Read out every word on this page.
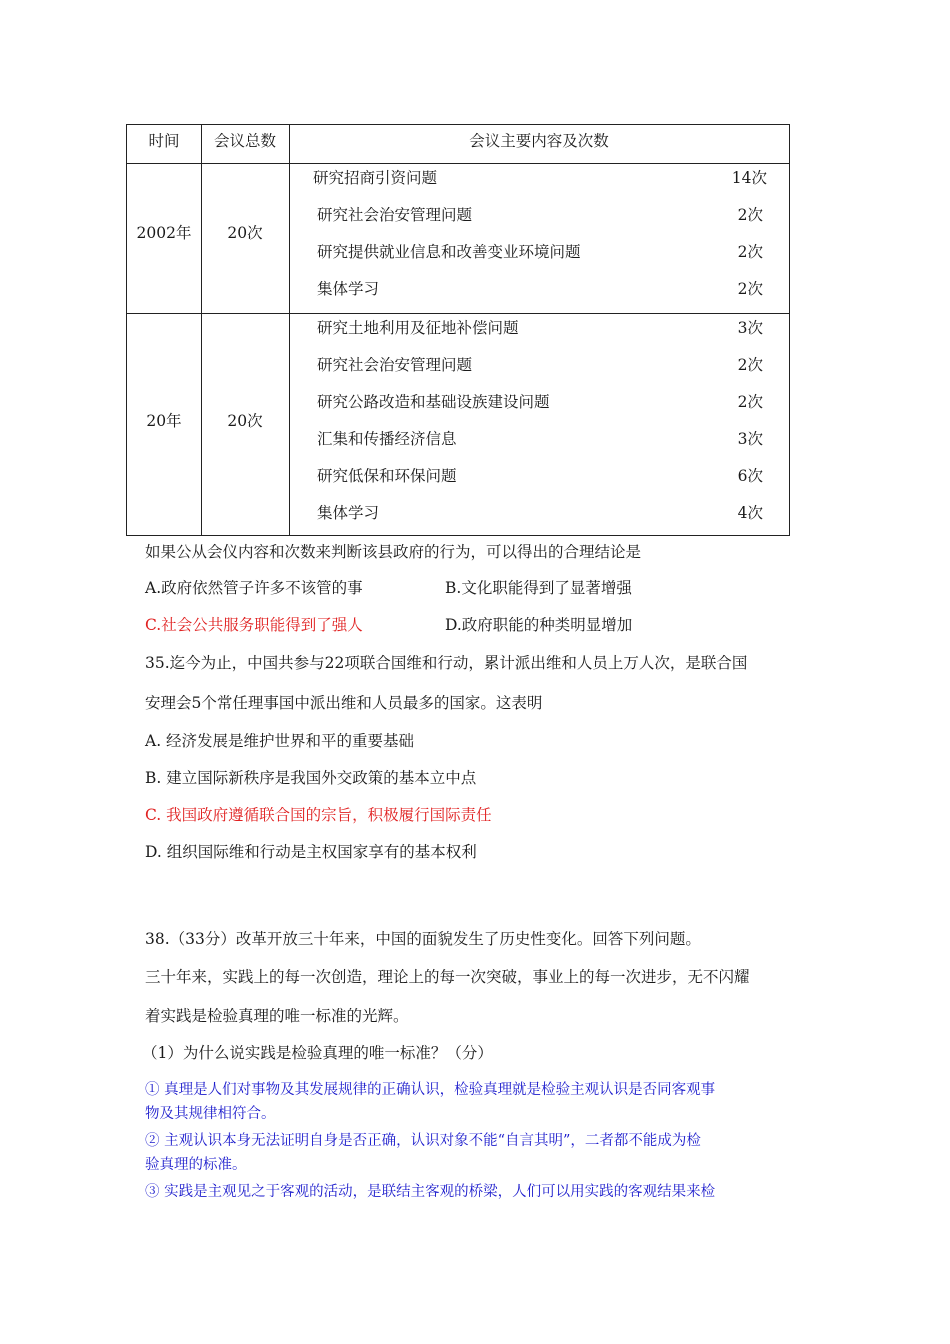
时间	会议总数	会议主要内容及次数
2002年	20次
研究招商引资问题	14次
研究社会治安管理问题	2次
研究提供就业信息和改善变业环境问题	2次
集体学习	2次
20年	20次
研究土地利用及征地补偿问题	3次
研究社会治安管理问题	2次
研究公路改造和基础设族建设问题	2次
汇集和传播经济信息	3次
研究低保和环保问题	6次
集体学习	4次
如果公从会仪内容和次数来判断该县政府的行为，可以得出的合理结论是
A.政府依然管子许多不该管的事	B.文化职能得到了显著增强
C.社会公共服务职能得到了强人	D.政府职能的种类明显增加
35.迄今为止，中国共参与22项联合国维和行动，累计派出维和人员上万人次，是联合国
安理会5个常任理事国中派出维和人员最多的国家。这表明
A. 经济发展是维护世界和平的重要基础
B. 建立国际新秩序是我国外交政策的基本立中点
C. 我国政府遵循联合国的宗旨，积极履行国际责任
D. 组织国际维和行动是主权国家享有的基本权利
38.（33分）改革开放三十年来，中国的面貌发生了历史性变化。回答下列问题。
三十年来，实践上的每一次创造，理论上的每一次突破，事业上的每一次进步，无不闪耀
着实践是检验真理的唯一标准的光辉。
（1）为什么说实践是检验真理的唯一标准？（分）
① 真理是人们对事物及其发展规律的正确认识，检验真理就是检验主观认识是否同客观事
物及其规律相符合。
② 主观认识本身无法证明自身是否正确，认识对象不能“自言其明”，二者都不能成为检
验真理的标准。
③ 实践是主观见之于客观的活动，是联结主客观的桥梁，人们可以用实践的客观结果来检
